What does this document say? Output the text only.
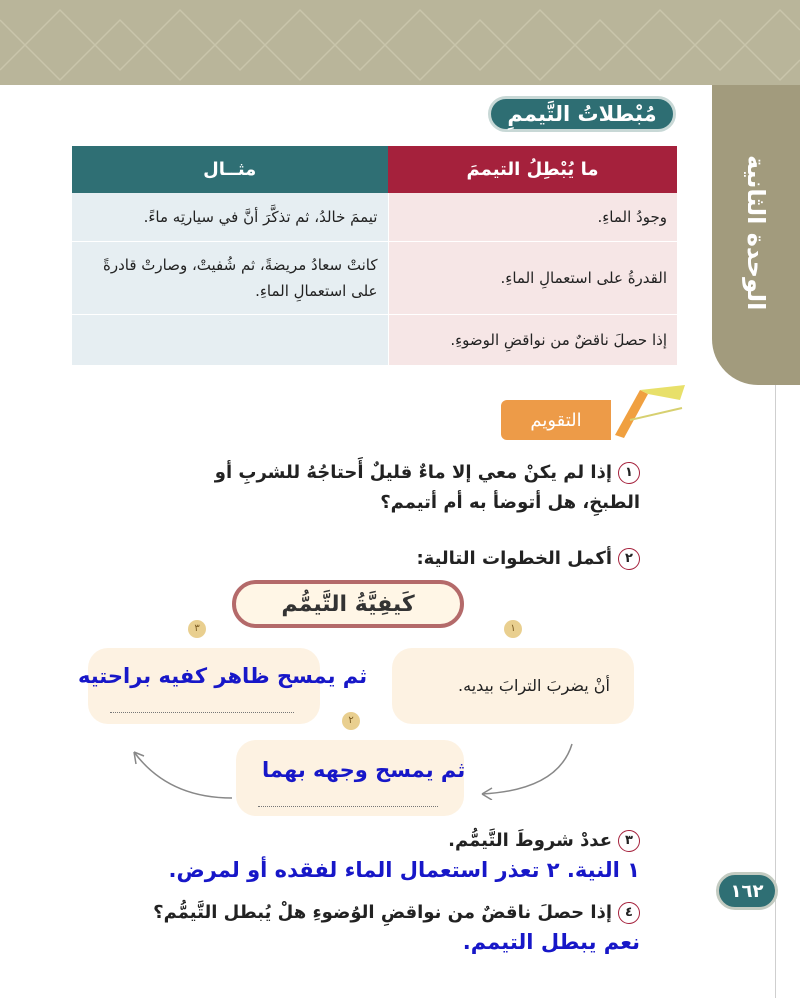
الوحدة الثانية
مُبْطلاتُ التَّيممِ
ما يُبْطِلُ التيممَ	مثــال
وجودُ الماءِ.	تيممَ خالدُ، ثم تذكَّرَ أنَّ في سيارتِه ماءً.
القدرةُ على استعمالِ الماءِ.	كانتْ سعادُ مريضةً، ثم شُفيتْ، وصارتْ قادرةً على استعمالِ الماءِ.
إذا حصلَ ناقضٌ من نواقضِ الوضوءِ.	
التقويم
١إذا لم يكنْ معي إلا ماءٌ قليلٌ أَحتاجُهُ للشربِ أو الطبخِ، هل أتوضأ به أم أتيمم؟
٢أكمل الخطوات التالية:
كَيفِيَّةُ التَّيمُّم
١
أنْ يضربَ الترابَ بيديه.
٣
ثم يمسح ظاهر كفيه براحتيه
٢
ثم يمسح وجهه بهما
٣عددْ شروطَ التَّيمُّم.
١ النية. ٢ تعذر استعمال الماء لفقده أو لمرض.
٤إذا حصلَ ناقضٌ من نواقضِ الوُضوءِ هلْ يُبطل التَّيمُّم؟
نعم يبطل التيمم.
١٦٢
